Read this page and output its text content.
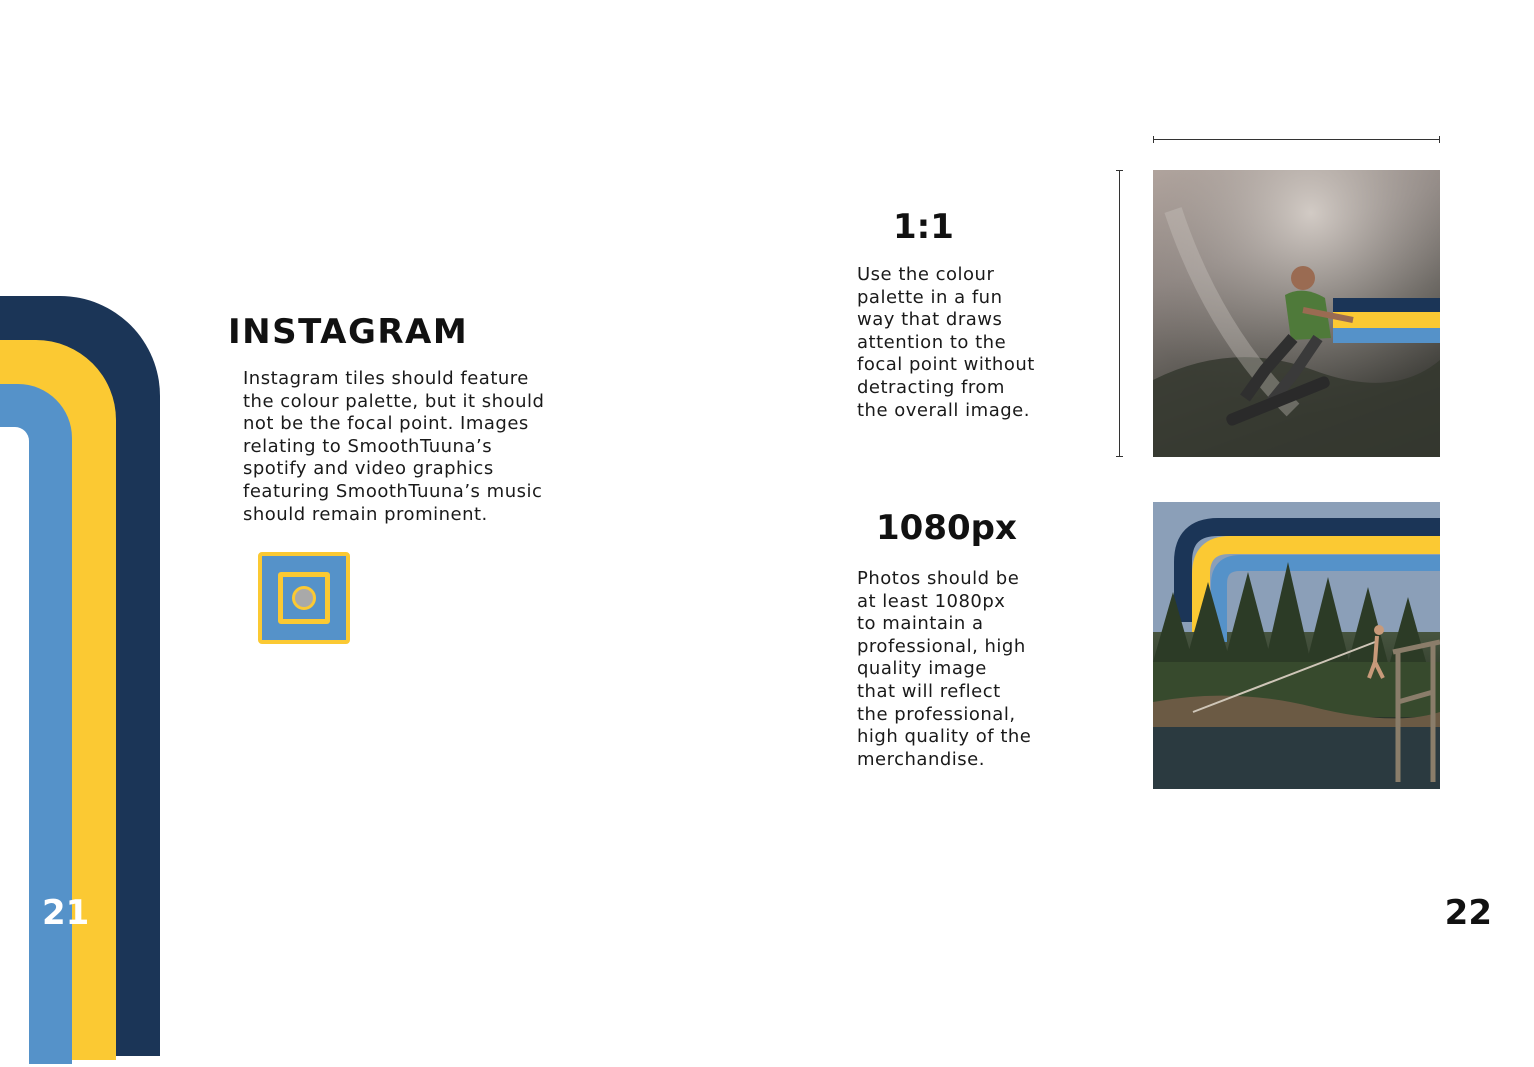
INSTAGRAM
Instagram tiles should feature
the colour palette, but it should
not be the focal point. Images
relating to SmoothTuuna’s
spotify and video graphics
featuring SmoothTuuna’s music
should remain prominent.
21
1:1
Use the colour
palette in a fun
way that draws
attention to the
focal point without
detracting from
the overall image.
1080px
Photos should be
at least 1080px
to maintain a
professional, high
quality image
that will reflect
the professional,
high quality of the
merchandise.
22
